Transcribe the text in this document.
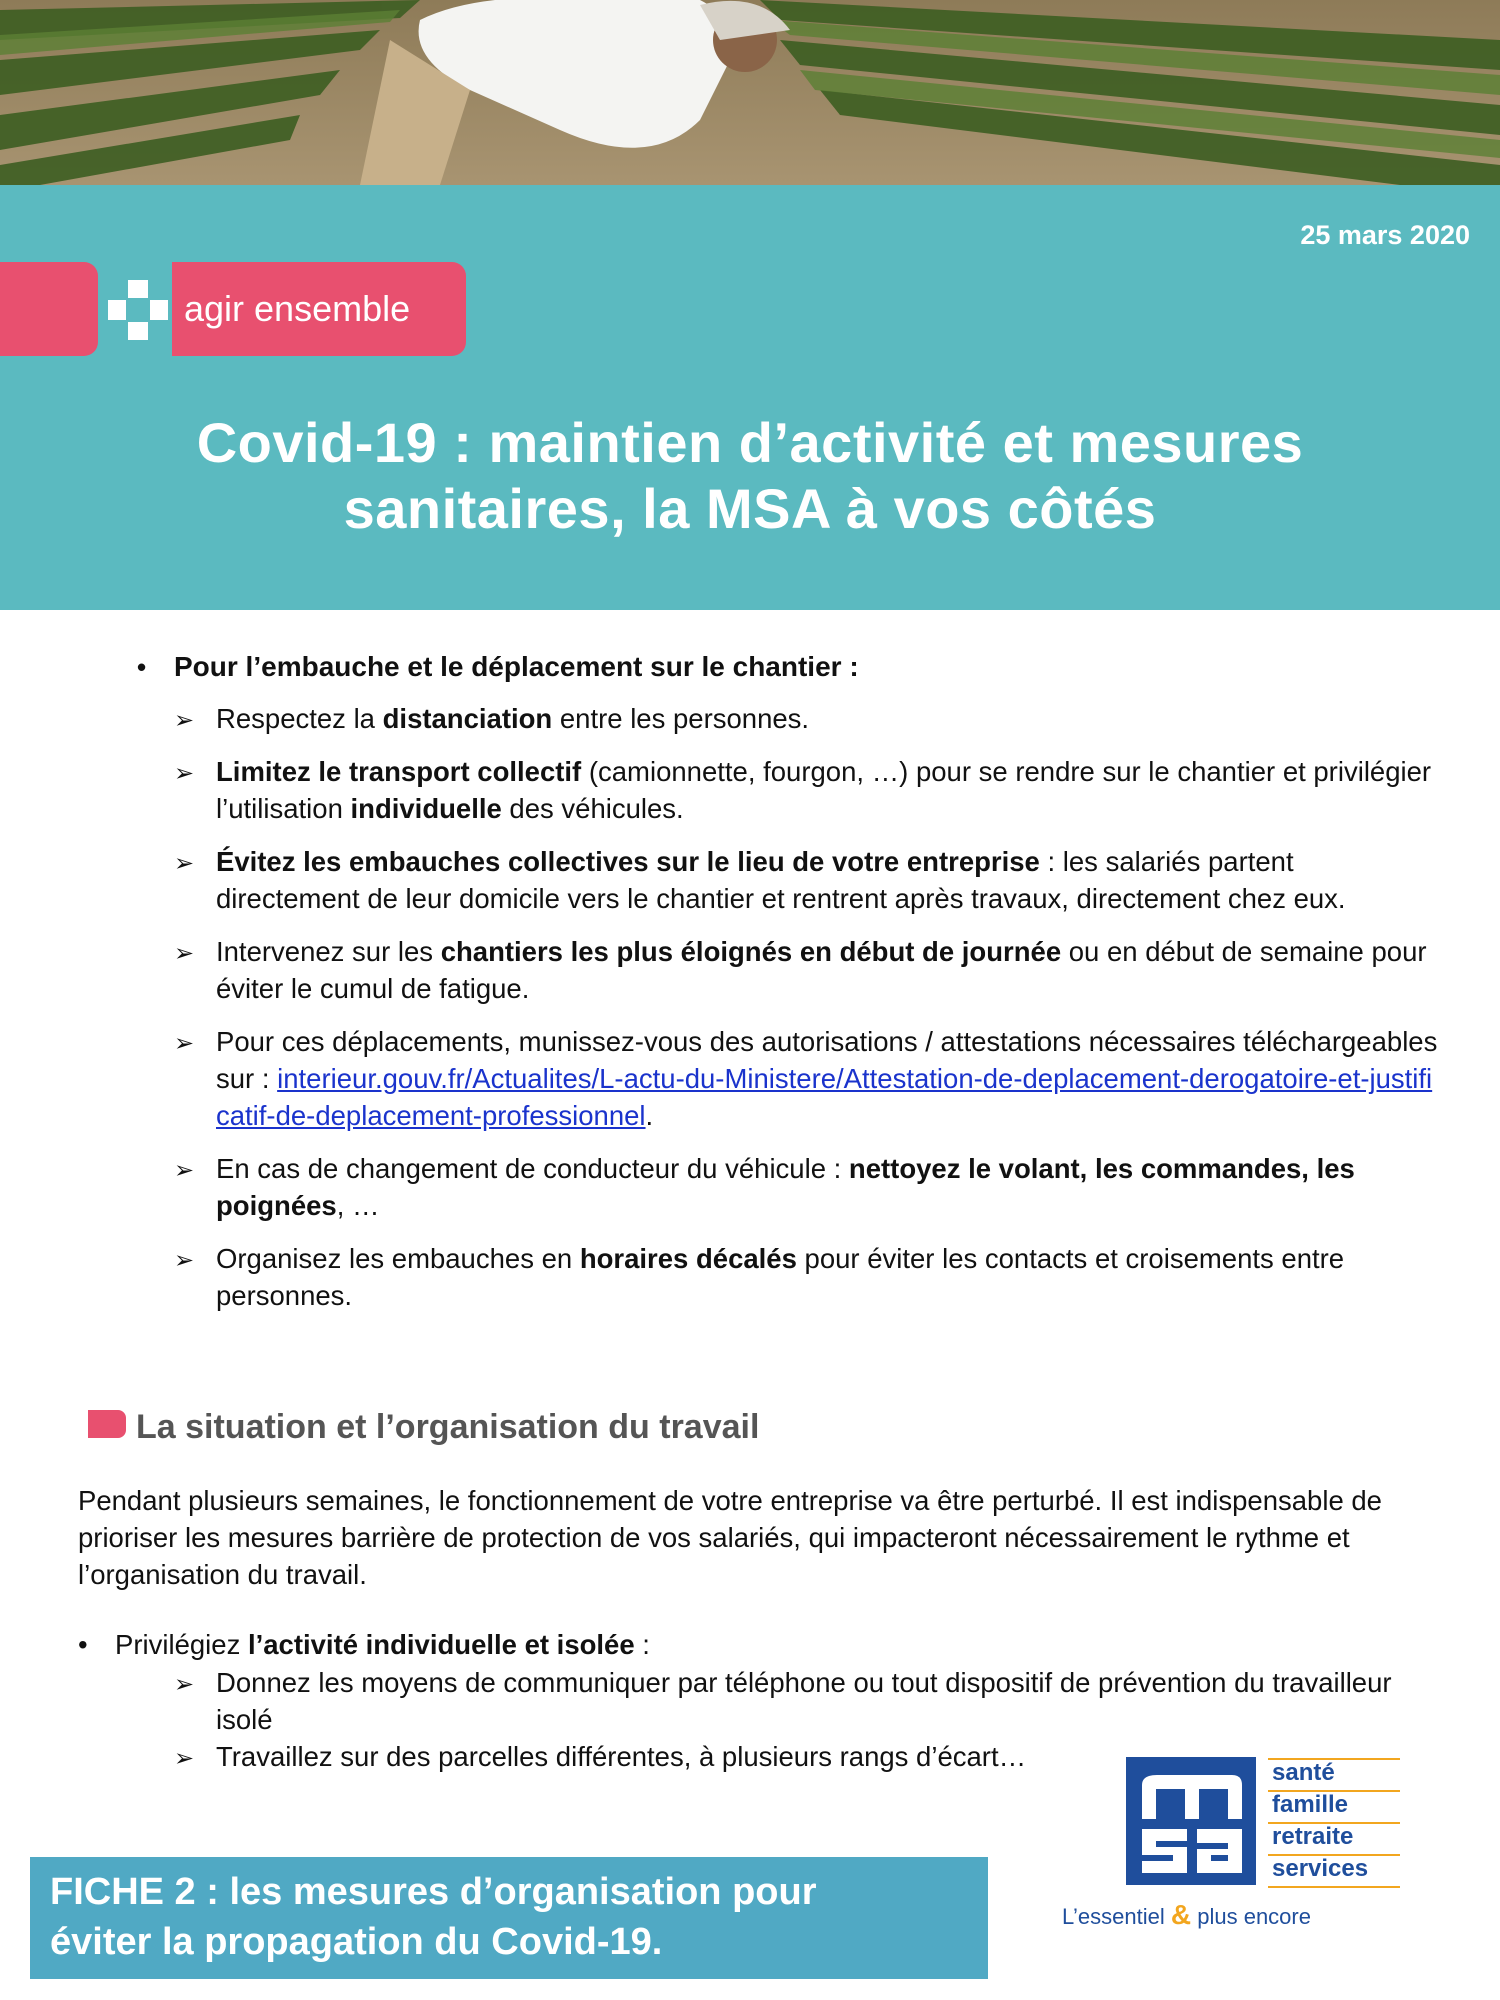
25 mars 2020
agir ensemble
Covid-19 : maintien d’activité et mesures
sanitaires, la MSA à vos côtés
• Pour l’embauche et le déplacement sur le chantier :
➢ Respectez la distanciation entre les personnes.
➢ Limitez le transport collectif (camionnette, fourgon, …) pour se rendre sur le chantier et privilégier l’utilisation individuelle des véhicules.
➢ Évitez les embauches collectives sur le lieu de votre entreprise : les salariés partent directement de leur domicile vers le chantier et rentrent après travaux, directement chez eux.
➢ Intervenez sur les chantiers les plus éloignés en début de journée ou en début de semaine pour éviter le cumul de fatigue.
➢ Pour ces déplacements, munissez-vous des autorisations / attestations nécessaires téléchargeables sur : interieur.gouv.fr/Actualites/L-actu-du-Ministere/Attestation-de-deplacement-derogatoire-et-justificatif-de-deplacement-professionnel.
➢ En cas de changement de conducteur du véhicule : nettoyez le volant, les commandes, les poignées, …
➢ Organisez les embauches en horaires décalés pour éviter les contacts et croisements entre personnes.
La situation et l’organisation du travail
Pendant plusieurs semaines, le fonctionnement de votre entreprise va être perturbé. Il est indispensable de prioriser les mesures barrière de protection de vos salariés, qui impacteront nécessairement le rythme et l’organisation du travail.
• Privilégiez l’activité individuelle et isolée :
➢ Donnez les moyens de communiquer par téléphone ou tout dispositif de prévention du travailleur isolé
➢ Travaillez sur des parcelles différentes, à plusieurs rangs d’écart…
FICHE 2 : les mesures d’organisation pour
éviter la propagation du Covid-19.
santé
famille
retraite
services
L’essentiel & plus encore
